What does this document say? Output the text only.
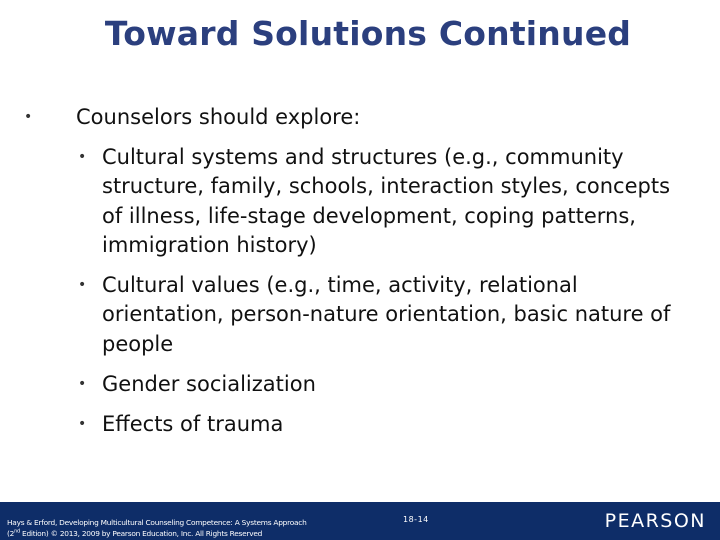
Toward Solutions Continued
• Counselors should explore:
• Cultural systems and structures (e.g., community structure, family, schools, interaction styles, concepts of illness, life-stage development, coping patterns, immigration history)
• Cultural values (e.g., time, activity, relational orientation, person-nature orientation, basic nature of people
• Gender socialization
• Effects of trauma
Hays & Erford, Developing Multicultural Counseling Competence: A Systems Approach
(2nd Edition) © 2013, 2009 by Pearson Education, Inc. All Rights Reserved
18-14	PEARSON
